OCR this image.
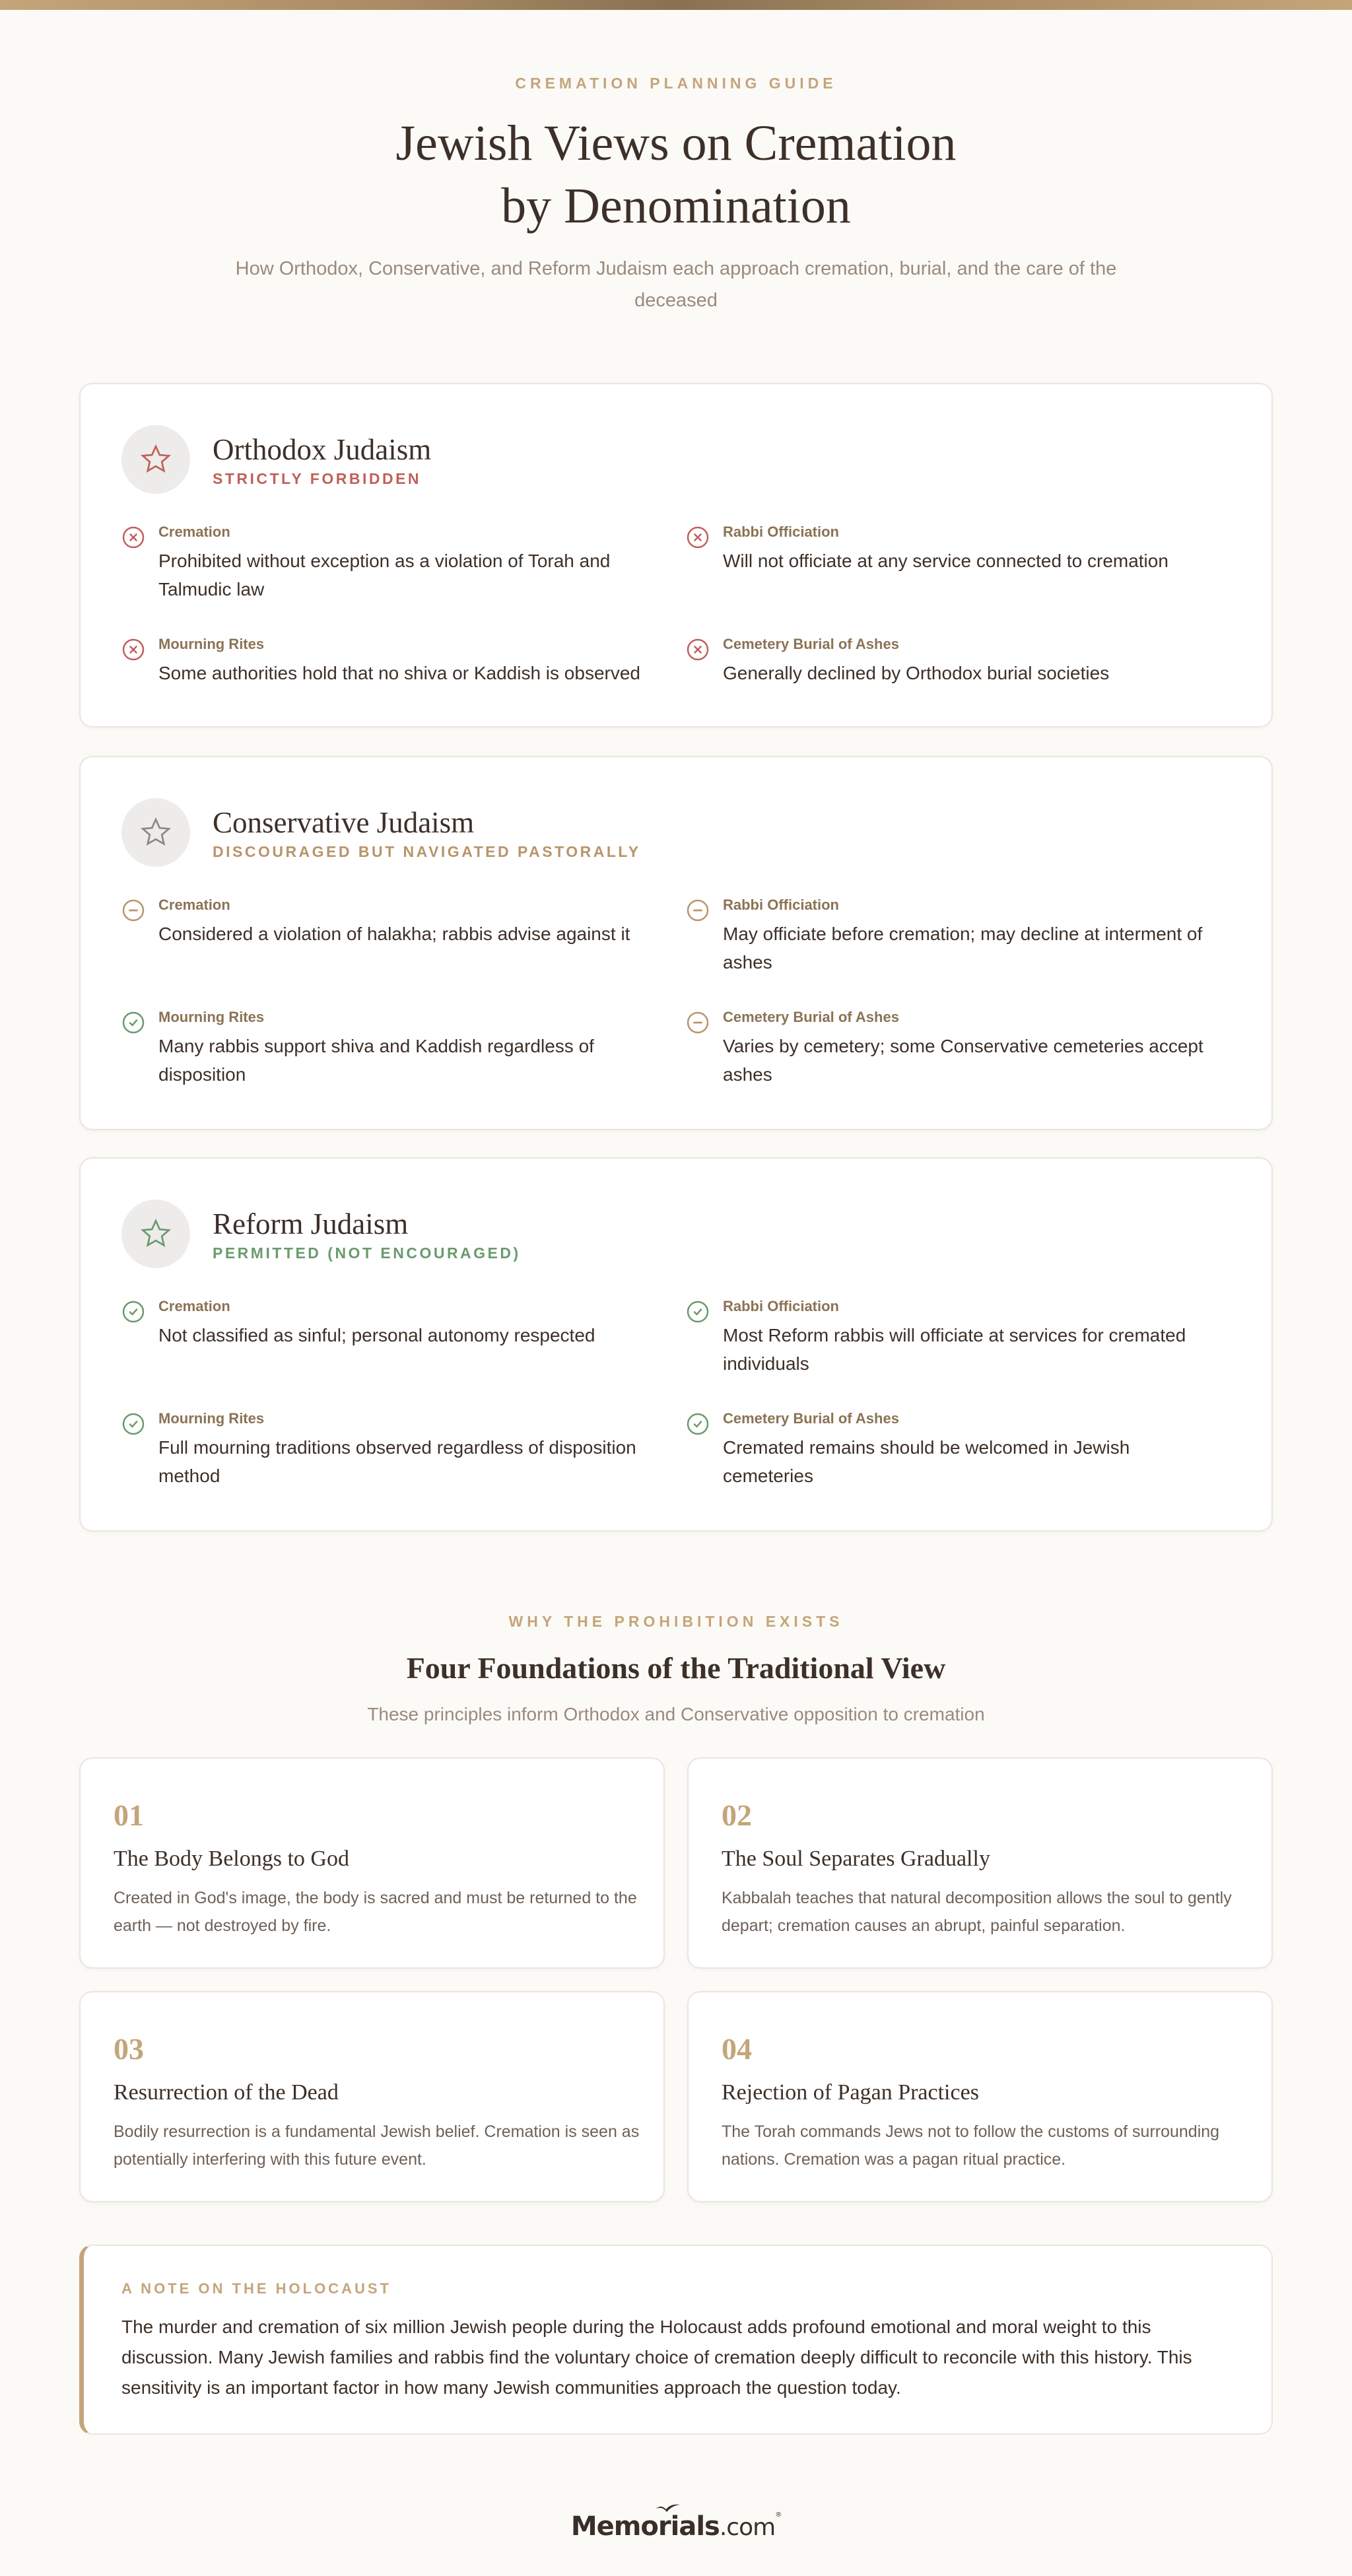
CREMATION PLANNING GUIDE
Jewish Views on Cremation
by Denomination

How Orthodox, Conservative, and Reform Judaism each approach cremation, burial, and the care of the deceased

Orthodox Judaism
STRICTLY FORBIDDEN
Cremation
Prohibited without exception as a violation of Torah and Talmudic law
Rabbi Officiation
Will not officiate at any service connected to cremation
Mourning Rites
Some authorities hold that no shiva or Kaddish is observed
Cemetery Burial of Ashes
Generally declined by Orthodox burial societies
Conservative Judaism
DISCOURAGED BUT NAVIGATED PASTORALLY
Cremation
Considered a violation of halakha; rabbis advise against it
Rabbi Officiation
May officiate before cremation; may decline at interment of ashes
Mourning Rites
Many rabbis support shiva and Kaddish regardless of disposition
Cemetery Burial of Ashes
Varies by cemetery; some Conservative cemeteries accept ashes
Reform Judaism
PERMITTED (NOT ENCOURAGED)
Cremation
Not classified as sinful; personal autonomy respected
Rabbi Officiation
Most Reform rabbis will officiate at services for cremated individuals
Mourning Rites
Full mourning traditions observed regardless of disposition method
Cemetery Burial of Ashes
Cremated remains should be welcomed in Jewish cemeteries
WHY THE PROHIBITION EXISTS
Four Foundations of the Traditional View

These principles inform Orthodox and Conservative opposition to cremation

01
The Body Belongs to God
Created in God's image, the body is sacred and must be returned to the earth — not destroyed by fire.
02
The Soul Separates Gradually
Kabbalah teaches that natural decomposition allows the soul to gently depart; cremation causes an abrupt, painful separation.
03
Resurrection of the Dead
Bodily resurrection is a fundamental Jewish belief. Cremation is seen as potentially interfering with this future event.
04
Rejection of Pagan Practices
The Torah commands Jews not to follow the customs of surrounding nations. Cremation was a pagan ritual practice.
A NOTE ON THE HOLOCAUST

The murder and cremation of six million Jewish people during the Holocaust adds profound emotional and moral weight to this discussion. Many Jewish families and rabbis find the voluntary choice of cremation deeply difficult to reconcile with this history. This sensitivity is an important factor in how many Jewish communities approach the question today.

Memorials.com®
